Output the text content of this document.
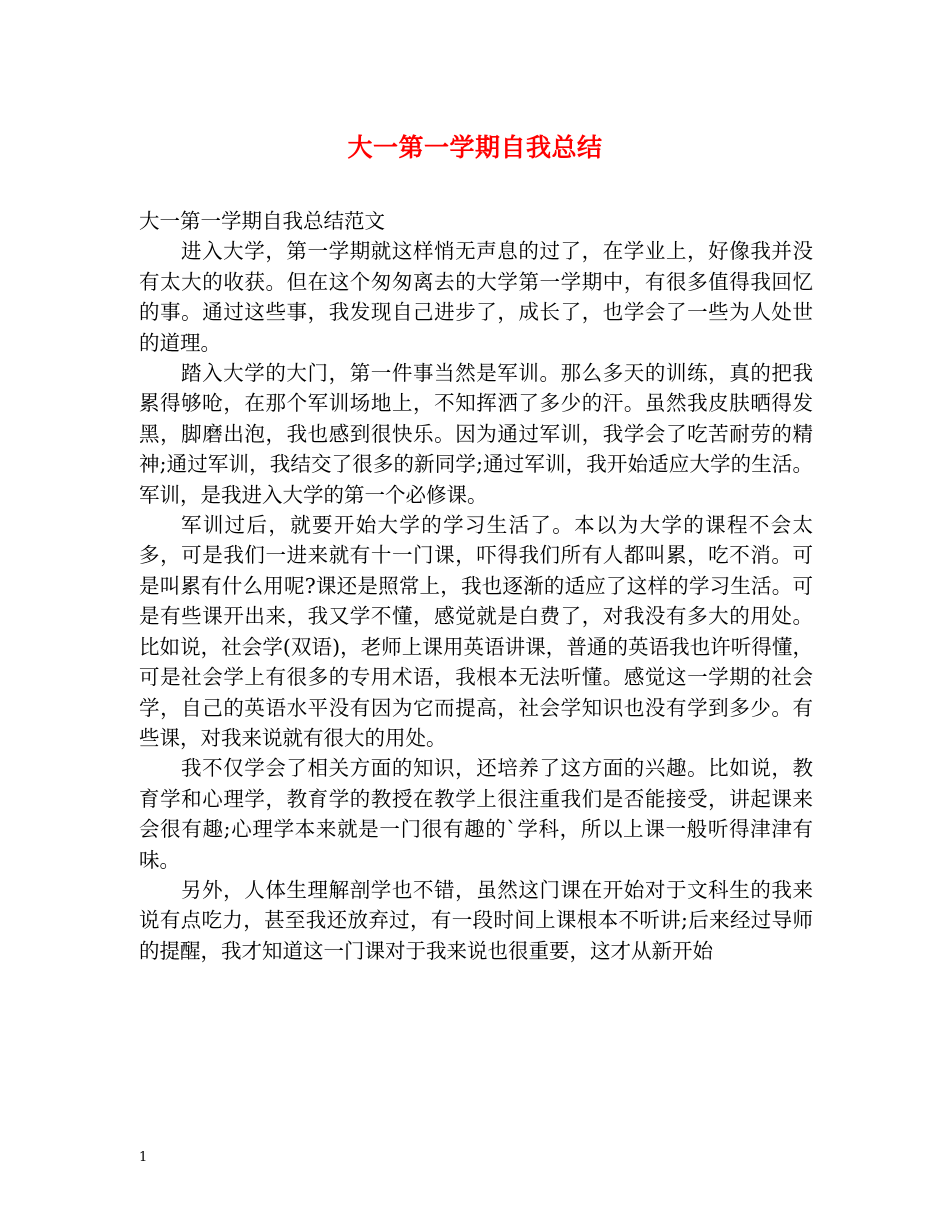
大一第一学期自我总结

大一第一学期自我总结范文

进入大学，第一学期就这样悄无声息的过了，在学业上，好像我并没有太大的收获。但在这个匆匆离去的大学第一学期中，有很多值得我回忆的事。通过这些事，我发现自己进步了，成长了，也学会了一些为人处世的道理。

踏入大学的大门，第一件事当然是军训。那么多天的训练，真的把我累得够呛，在那个军训场地上，不知挥洒了多少的汗。虽然我皮肤晒得发黑，脚磨出泡，我也感到很快乐。因为通过军训，我学会了吃苦耐劳的精神;通过军训，我结交了很多的新同学;通过军训，我开始适应大学的生活。军训，是我进入大学的第一个必修课。

军训过后，就要开始大学的学习生活了。本以为大学的课程不会太多，可是我们一进来就有十一门课，吓得我们所有人都叫累，吃不消。可是叫累有什么用呢?课还是照常上，我也逐渐的适应了这样的学习生活。可是有些课开出来，我又学不懂，感觉就是白费了，对我没有多大的用处。比如说，社会学(双语)，老师上课用英语讲课，普通的英语我也许听得懂，可是社会学上有很多的专用术语，我根本无法听懂。感觉这一学期的社会学，自己的英语水平没有因为它而提高，社会学知识也没有学到多少。有些课，对我来说就有很大的用处。

我不仅学会了相关方面的知识，还培养了这方面的兴趣。比如说，教育学和心理学，教育学的教授在教学上很注重我们是否能接受，讲起课来会很有趣;心理学本来就是一门很有趣的`学科，所以上课一般听得津津有味。

另外，人体生理解剖学也不错，虽然这门课在开始对于文科生的我来说有点吃力，甚至我还放弃过，有一段时间上课根本不听讲;后来经过导师的提醒，我才知道这一门课对于我来说也很重要，这才从新开始

1
